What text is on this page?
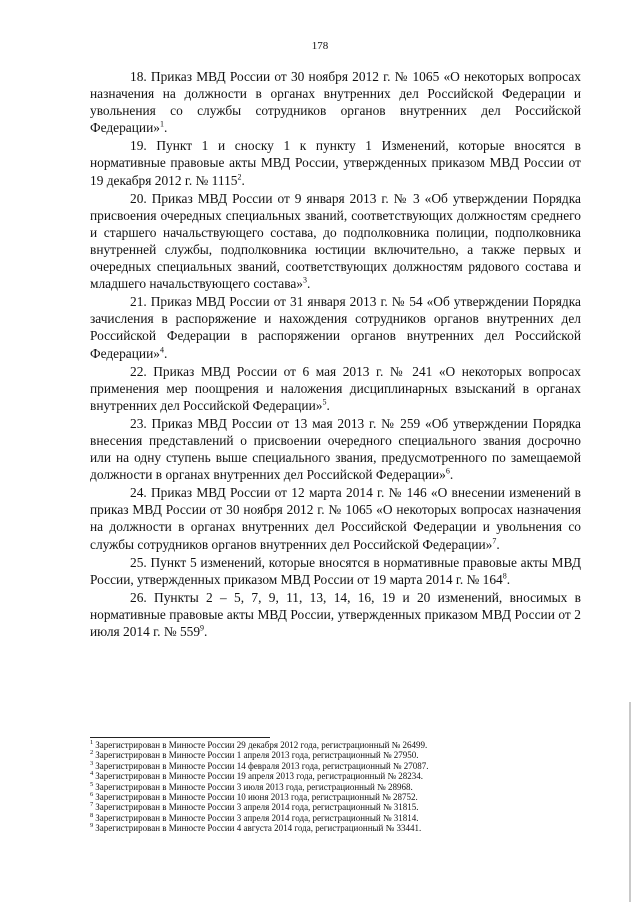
178

18. Приказ МВД России от 30 ноября 2012 г. № 1065 «О некоторых вопросах назначения на должности в органах внутренних дел Российской Федерации и увольнения со службы сотрудников органов внутренних дел Российской Федерации»$^1$.

19. Пункт 1 и сноску 1 к пункту 1 Изменений, которые вносятся в нормативные правовые акты МВД России, утвержденных приказом МВД России от 19 декабря 2012 г. № 1115$^2$.

20. Приказ МВД России от 9 января 2013 г. № 3 «Об утверждении Порядка присвоения очередных специальных званий, соответствующих должностям среднего и старшего начальствующего состава, до подполковника полиции, подполковника внутренней службы, подполковника юстиции включительно, а также первых и очередных специальных званий, соответствующих должностям рядового состава и младшего начальствующего состава»$^3$.

21. Приказ МВД России от 31 января 2013 г. № 54 «Об утверждении Порядка зачисления в распоряжение и нахождения сотрудников органов внутренних дел Российской Федерации в распоряжении органов внутренних дел Российской Федерации»$^4$.

22. Приказ МВД России от 6 мая 2013 г. № 241 «О некоторых вопросах применения мер поощрения и наложения дисциплинарных взысканий в органах внутренних дел Российской Федерации»$^5$.

23. Приказ МВД России от 13 мая 2013 г. № 259 «Об утверждении Порядка внесения представлений о присвоении очередного специального звания досрочно или на одну ступень выше специального звания, предусмотренного по замещаемой должности в органах внутренних дел Российской Федерации»$^6$.

24. Приказ МВД России от 12 марта 2014 г. № 146 «О внесении изменений в приказ МВД России от 30 ноября 2012 г. № 1065 «О некоторых вопросах назначения на должности в органах внутренних дел Российской Федерации и увольнения со службы сотрудников органов внутренних дел Российской Федерации»$^7$.

25. Пункт 5 изменений, которые вносятся в нормативные правовые акты МВД России, утвержденных приказом МВД России от 19 марта 2014 г. № 164$^8$.

26. Пункты 2 – 5, 7, 9, 11, 13, 14, 16, 19 и 20 изменений, вносимых в нормативные правовые акты МВД России, утвержденных приказом МВД России от 2 июля 2014 г. № 559$^9$.

$^1$ Зарегистрирован в Минюсте России 29 декабря 2012 года, регистрационный № 26499.
$^2$ Зарегистрирован в Минюсте России 1 апреля 2013 года, регистрационный № 27950.
$^3$ Зарегистрирован в Минюсте России 14 февраля 2013 года, регистрационный № 27087.
$^4$ Зарегистрирован в Минюсте России 19 апреля 2013 года, регистрационный № 28234.
$^5$ Зарегистрирован в Минюсте России 3 июля 2013 года, регистрационный № 28968.
$^6$ Зарегистрирован в Минюсте России 10 июня 2013 года, регистрационный № 28752.
$^7$ Зарегистрирован в Минюсте России 3 апреля 2014 года, регистрационный № 31815.
$^8$ Зарегистрирован в Минюсте России 3 апреля 2014 года, регистрационный № 31814.
$^9$ Зарегистрирован в Минюсте России 4 августа 2014 года, регистрационный № 33441.
